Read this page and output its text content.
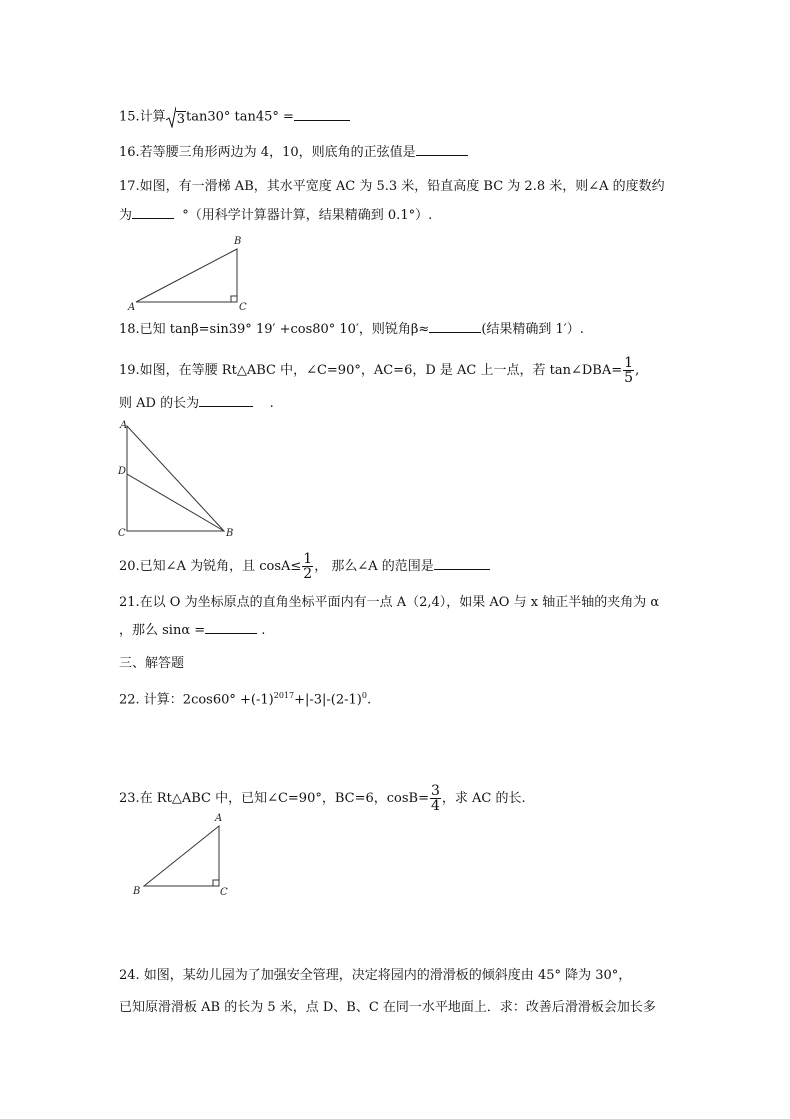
15.计算 3 tan30° tan45° =
16.若等腰三角形两边为 4，10，则底角的正弦值是
17.如图，有一滑梯 AB，其水平宽度 AC 为 5.3 米，铅直高度 BC 为 2.8 米，则∠A 的度数约
为	°（用科学计算器计算，结果精确到 0.1°）.
A
B
C
18.已知 tanβ=sin39° 19′ +cos80° 10′，则锐角β≈	(结果精确到 1′）.
19.如图，在等腰 Rt△ABC 中，∠C=90°，AC=6，D 是 AC 上一点，若 tan∠DBA= $\frac{1}{5}$ ,
则 AD 的长为	.
A
D
C	B
20.已知∠A 为锐角，且 $\cos A\le \frac{1}{2}$ ， 那么∠A 的范围是
21.在以 O 为坐标原点的直角坐标平面内有一点 A（2,4），如果 AO 与 x 轴正半轴的夹角为 α
，那么 sinα =	.
三、解答题
22. 计算：$2\cos 60^\circ +(-1)^{2017}+|-3|-(2-1)^0$.
23.在 Rt△ABC 中，已知∠C=90°，BC=6，$\cos B= \frac{3}{4}$ ，求 AC 的长.
A
B	C
24. 如图，某幼儿园为了加强安全管理，决定将园内的滑滑板的倾斜度由 45° 降为 30°，
已知原滑滑板 AB 的长为 5 米，点 D、B、C 在同一水平地面上．求：改善后滑滑板会加长多
